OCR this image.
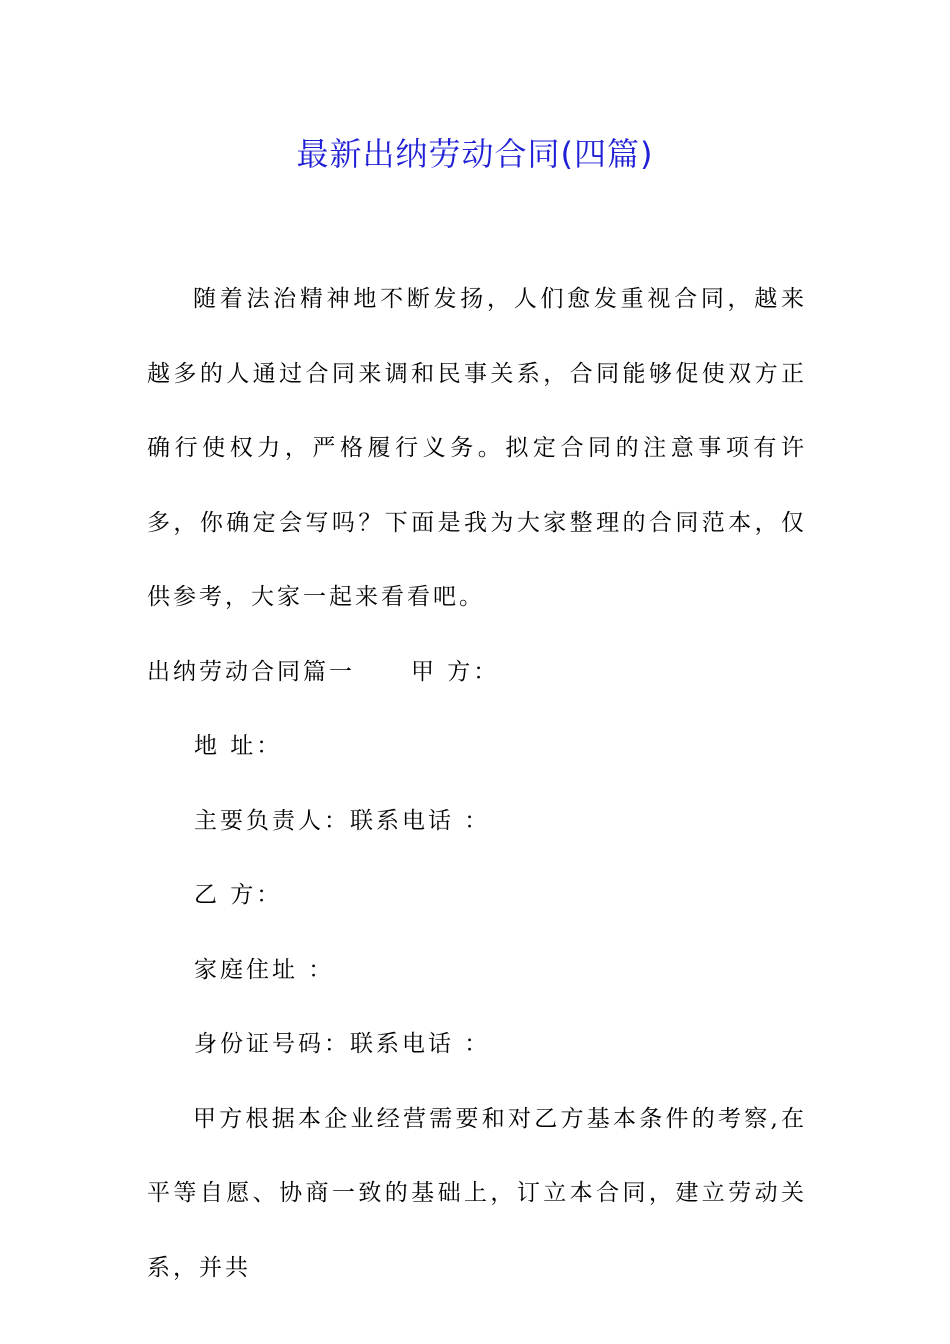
最新出纳劳动合同(四篇)

随着法治精神地不断发扬，人们愈发重视合同，越来越多的人通过合同来调和民事关系，合同能够促使双方正确行使权力，严格履行义务。拟定合同的注意事项有许多，你确定会写吗？下面是我为大家整理的合同范本，仅供参考，大家一起来看看吧。

出纳劳动合同篇一 甲 方：

地 址：

主要负责人：联系电话 ：

乙 方：

家庭住址 ：

身份证号码：联系电话 ：

甲方根据本企业经营需要和对乙方基本条件的考察,在平等自愿、协商一致的基础上，订立本合同，建立劳动关系，并共
